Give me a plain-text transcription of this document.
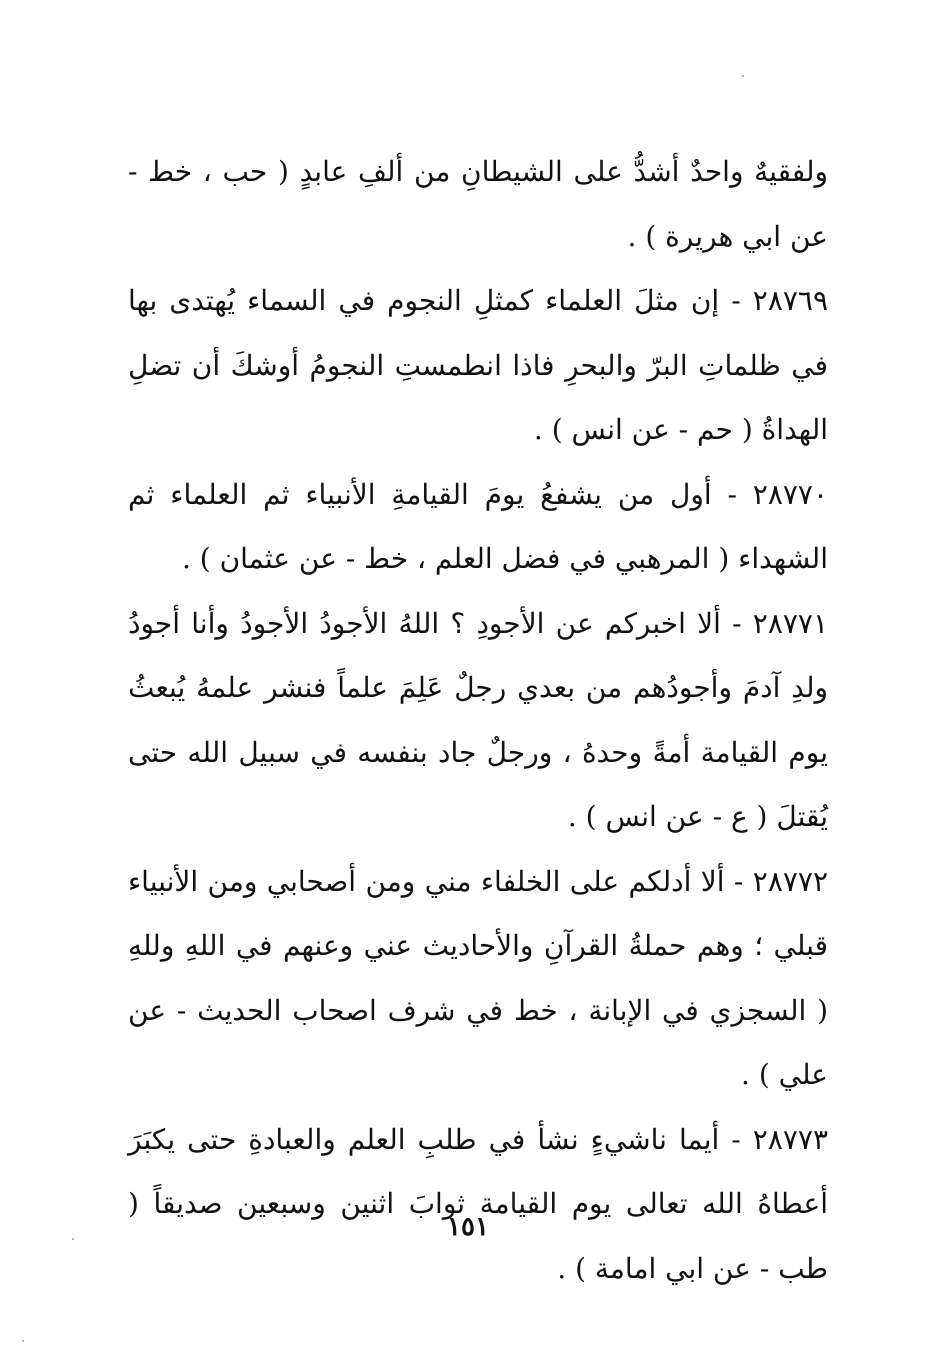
ولفقيهٌ واحدٌ أشدُّ على الشيطانِ من ألفِ عابدٍ ( حب ، خط - عن ابي هريرة ) .

٢٨٧٦٩ - إن مثلَ العلماء كمثلِ النجوم في السماء يُهتدى بها في ظلماتِ البرّ والبحرِ فاذا انطمستِ النجومُ أوشكَ أن تضلِ الهداةُ ( حم - عن انس ) .

٢٨٧٧٠ - أول من يشفعُ يومَ القيامةِ الأنبياء ثم العلماء ثم الشهداء ( المرهبي في فضل العلم ، خط - عن عثمان ) .

٢٨٧٧١ - ألا اخبركم عن الأجودِ ؟ اللهُ الأجودُ الأجودُ وأنا أجودُ ولدِ آدمَ وأجودُهم من بعدي رجلٌ عَلِمَ علماً فنشر علمهُ يُبعثُ يوم القيامة أمةً وحدهُ ، ورجلٌ جاد بنفسه في سبيل الله حتى يُقتلَ ( ع - عن انس ) .

٢٨٧٧٢ - ألا أدلكم على الخلفاء مني ومن أصحابي ومن الأنبياء قبلي ؛ وهم حملةُ القرآنِ والأحاديث عني وعنهم في اللهِ وللهِ ( السجزي في الإبانة ، خط في شرف اصحاب الحديث - عن علي ) .

٢٨٧٧٣ - أيما ناشيءٍ نشأ في طلبِ العلم والعبادةِ حتى يكبَرَ أعطاهُ الله تعالى يوم القيامة ثوابَ اثنين وسبعين صديقاً ( طب - عن ابي امامة ) .

١٥١
